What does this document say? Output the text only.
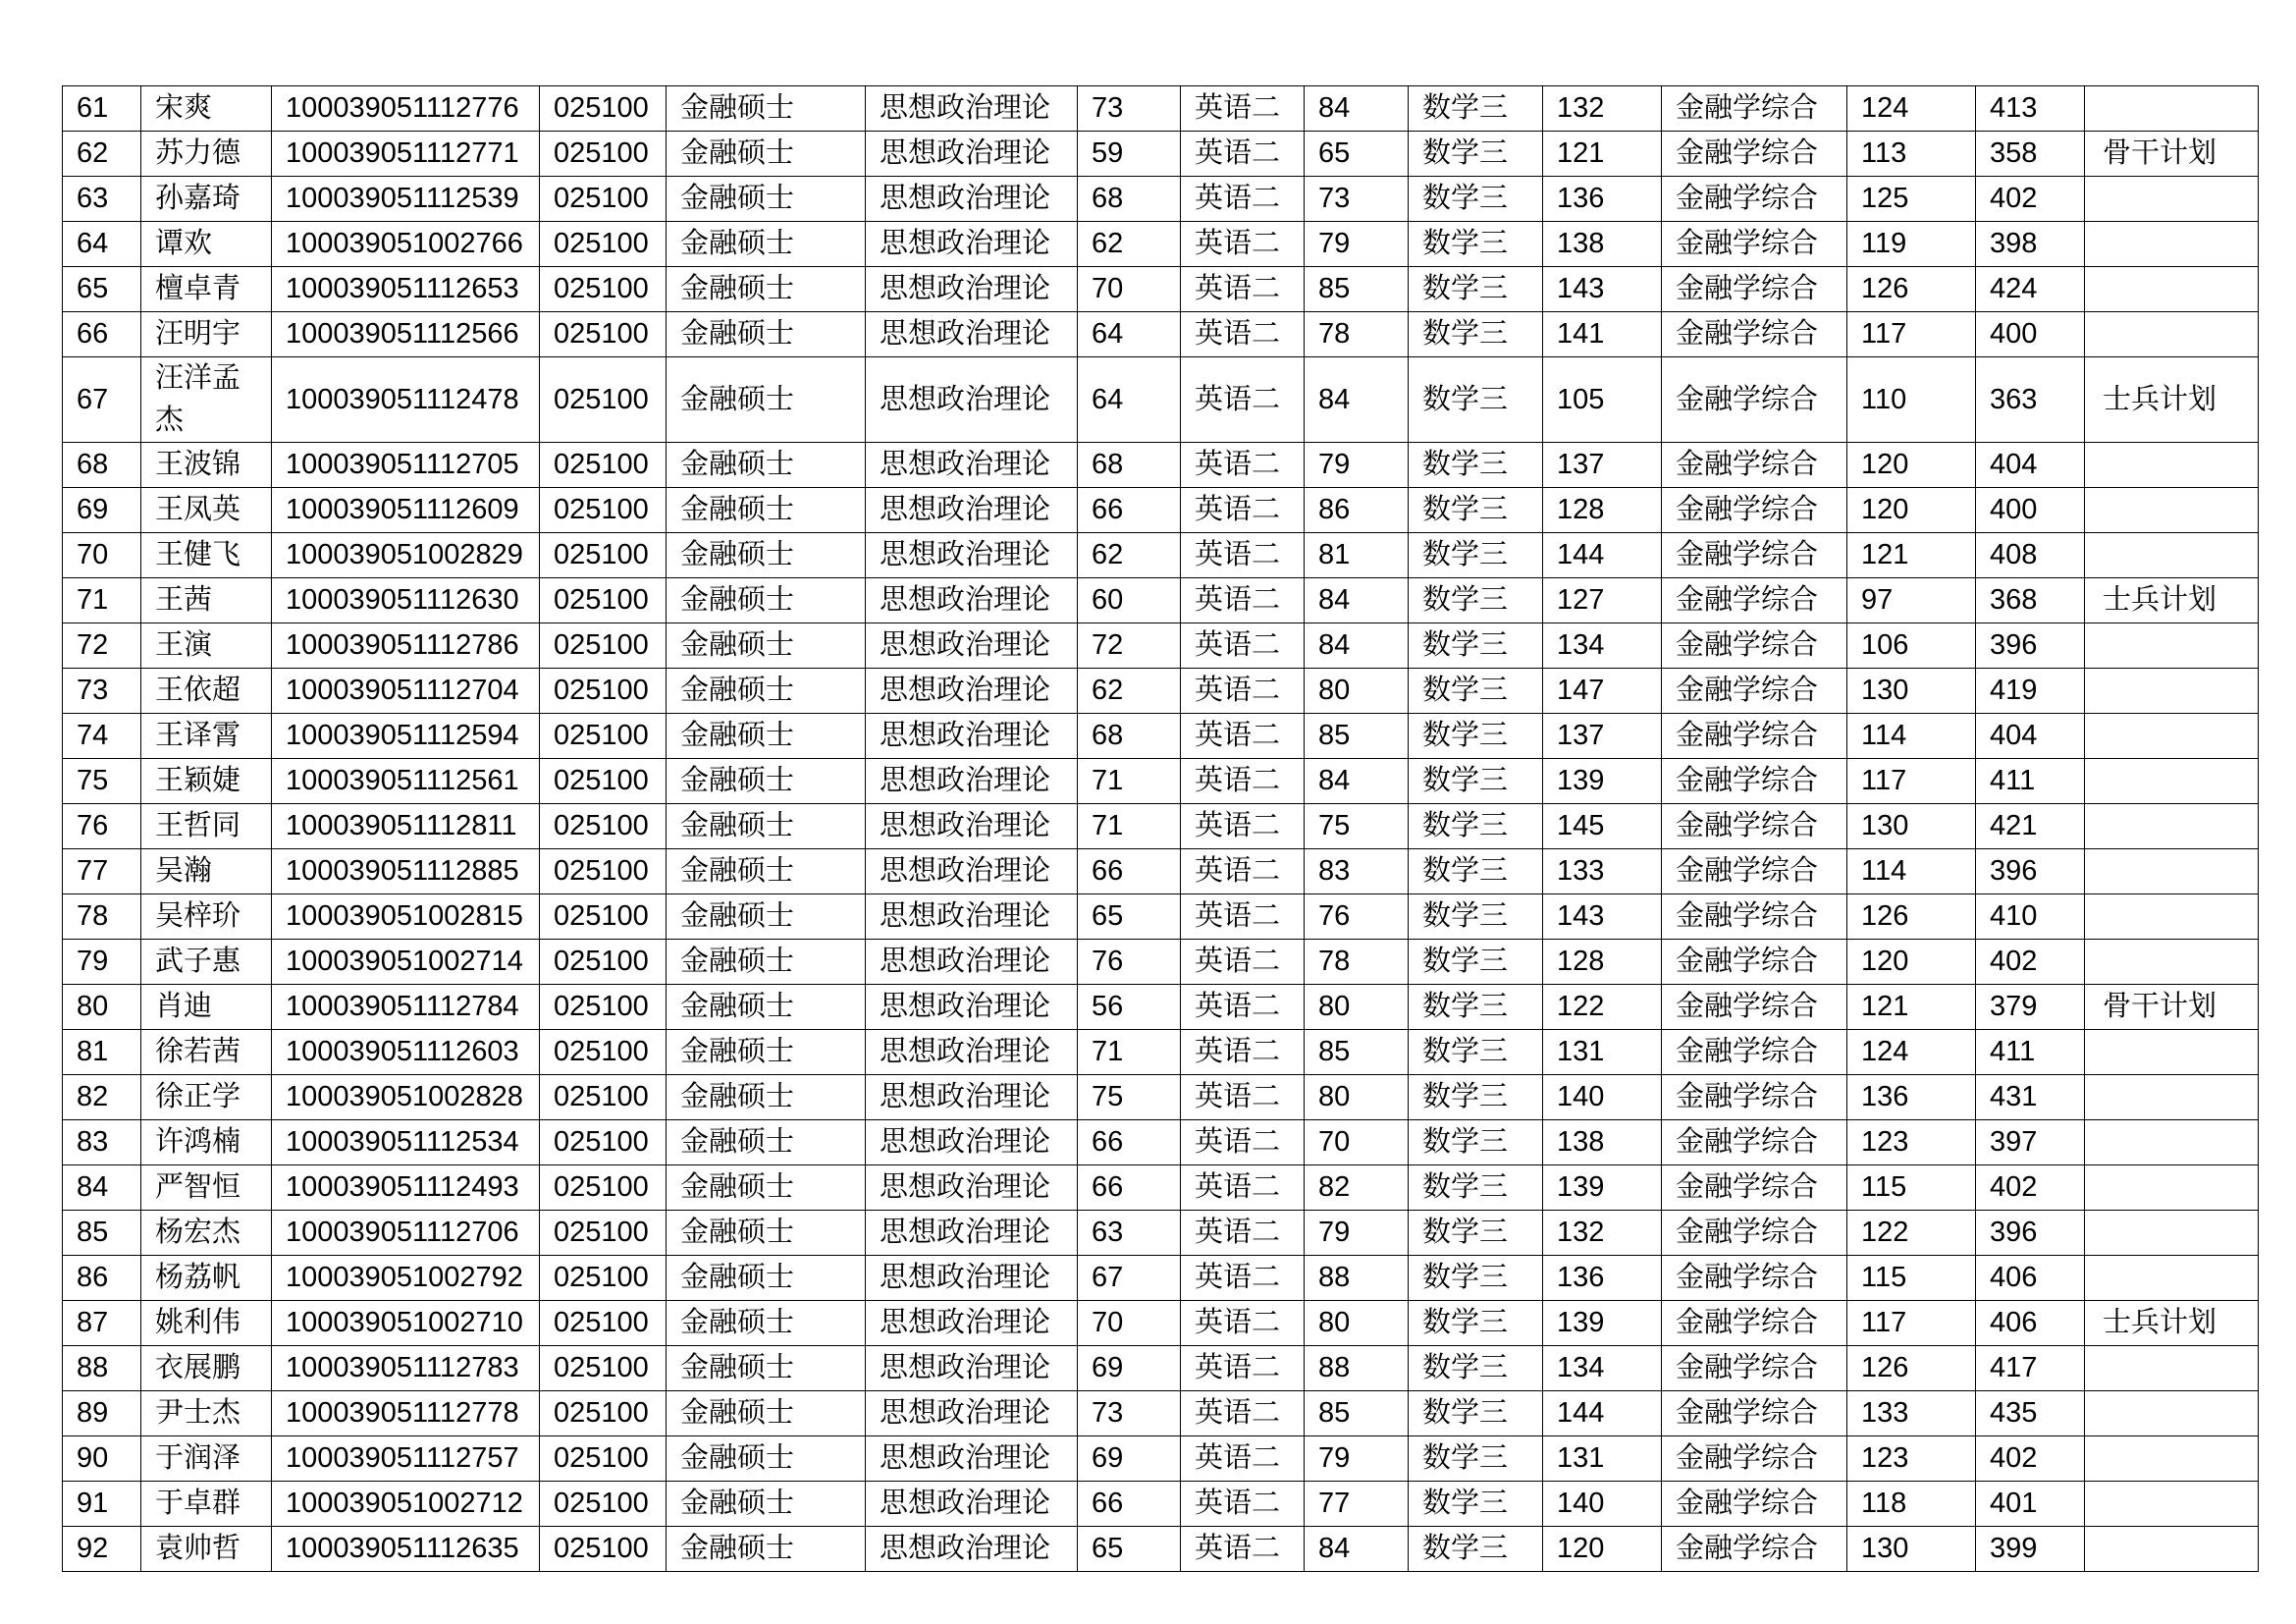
61	宋爽	100039051112776	025100	金融硕士	思想政治理论	73	英语二	84	数学三	132	金融学综合	124	413	
62	苏力德	100039051112771	025100	金融硕士	思想政治理论	59	英语二	65	数学三	121	金融学综合	113	358	骨干计划
63	孙嘉琦	100039051112539	025100	金融硕士	思想政治理论	68	英语二	73	数学三	136	金融学综合	125	402	
64	谭欢	100039051002766	025100	金融硕士	思想政治理论	62	英语二	79	数学三	138	金融学综合	119	398	
65	檀卓青	100039051112653	025100	金融硕士	思想政治理论	70	英语二	85	数学三	143	金融学综合	126	424	
66	汪明宇	100039051112566	025100	金融硕士	思想政治理论	64	英语二	78	数学三	141	金融学综合	117	400	
67	汪洋孟杰	100039051112478	025100	金融硕士	思想政治理论	64	英语二	84	数学三	105	金融学综合	110	363	士兵计划
68	王波锦	100039051112705	025100	金融硕士	思想政治理论	68	英语二	79	数学三	137	金融学综合	120	404	
69	王凤英	100039051112609	025100	金融硕士	思想政治理论	66	英语二	86	数学三	128	金融学综合	120	400	
70	王健飞	100039051002829	025100	金融硕士	思想政治理论	62	英语二	81	数学三	144	金融学综合	121	408	
71	王茜	100039051112630	025100	金融硕士	思想政治理论	60	英语二	84	数学三	127	金融学综合	97	368	士兵计划
72	王演	100039051112786	025100	金融硕士	思想政治理论	72	英语二	84	数学三	134	金融学综合	106	396	
73	王依超	100039051112704	025100	金融硕士	思想政治理论	62	英语二	80	数学三	147	金融学综合	130	419	
74	王译霄	100039051112594	025100	金融硕士	思想政治理论	68	英语二	85	数学三	137	金融学综合	114	404	
75	王颖婕	100039051112561	025100	金融硕士	思想政治理论	71	英语二	84	数学三	139	金融学综合	117	411	
76	王哲同	100039051112811	025100	金融硕士	思想政治理论	71	英语二	75	数学三	145	金融学综合	130	421	
77	吴瀚	100039051112885	025100	金融硕士	思想政治理论	66	英语二	83	数学三	133	金融学综合	114	396	
78	吴梓玠	100039051002815	025100	金融硕士	思想政治理论	65	英语二	76	数学三	143	金融学综合	126	410	
79	武子惠	100039051002714	025100	金融硕士	思想政治理论	76	英语二	78	数学三	128	金融学综合	120	402	
80	肖迪	100039051112784	025100	金融硕士	思想政治理论	56	英语二	80	数学三	122	金融学综合	121	379	骨干计划
81	徐若茜	100039051112603	025100	金融硕士	思想政治理论	71	英语二	85	数学三	131	金融学综合	124	411	
82	徐正学	100039051002828	025100	金融硕士	思想政治理论	75	英语二	80	数学三	140	金融学综合	136	431	
83	许鸿楠	100039051112534	025100	金融硕士	思想政治理论	66	英语二	70	数学三	138	金融学综合	123	397	
84	严智恒	100039051112493	025100	金融硕士	思想政治理论	66	英语二	82	数学三	139	金融学综合	115	402	
85	杨宏杰	100039051112706	025100	金融硕士	思想政治理论	63	英语二	79	数学三	132	金融学综合	122	396	
86	杨荔帆	100039051002792	025100	金融硕士	思想政治理论	67	英语二	88	数学三	136	金融学综合	115	406	
87	姚利伟	100039051002710	025100	金融硕士	思想政治理论	70	英语二	80	数学三	139	金融学综合	117	406	士兵计划
88	衣展鹏	100039051112783	025100	金融硕士	思想政治理论	69	英语二	88	数学三	134	金融学综合	126	417	
89	尹士杰	100039051112778	025100	金融硕士	思想政治理论	73	英语二	85	数学三	144	金融学综合	133	435	
90	于润泽	100039051112757	025100	金融硕士	思想政治理论	69	英语二	79	数学三	131	金融学综合	123	402	
91	于卓群	100039051002712	025100	金融硕士	思想政治理论	66	英语二	77	数学三	140	金融学综合	118	401	
92	袁帅哲	100039051112635	025100	金融硕士	思想政治理论	65	英语二	84	数学三	120	金融学综合	130	399	
